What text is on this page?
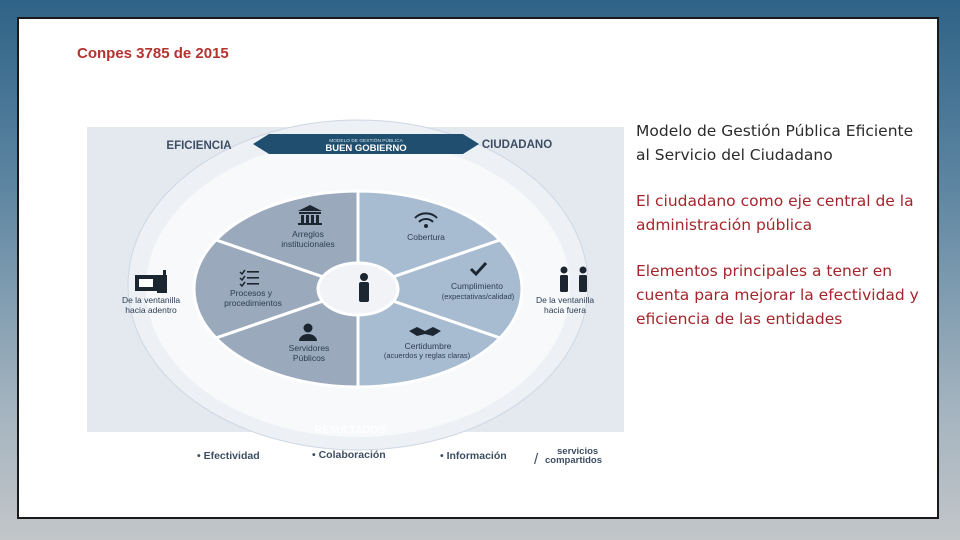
Conpes 3785 de 2015
EFICIENCIA	CIUDADANO
MODELO DE GESTIÓN PÚBLICA
BUEN GOBIERNO
De la ventanilla
hacia adentro
De la ventanilla
hacia fuera
Arreglos
institucionales
Procesos y
procedimientos
Servidores
Públicos
Cobertura
Cumplimiento
(expectativas/calidad)
Certidumbre
(acuerdos y reglas claras)
RESULTADOS
• Efectividad	• Colaboración	• Información / servicios
compartidos

Modelo de Gestión Pública Eficiente al Servicio del Ciudadano

El ciudadano como eje central de la administración pública

Elementos principales a tener en cuenta para mejorar la efectividad y eficiencia de las entidades
